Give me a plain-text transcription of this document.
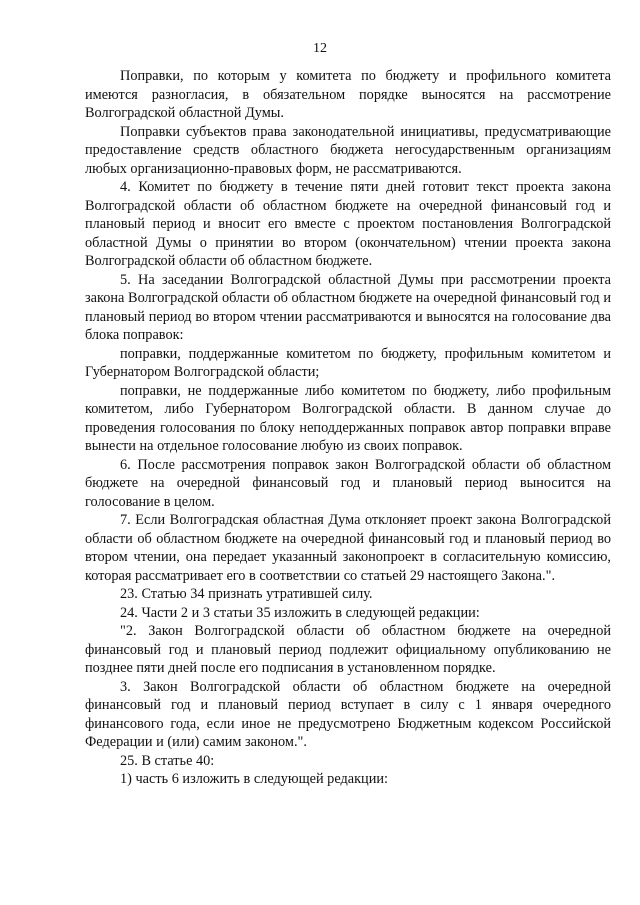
12

Поправки, по которым у комитета по бюджету и профильного комитета имеются разногласия, в обязательном порядке выносятся на рассмотрение Волгоградской областной Думы.

Поправки субъектов права законодательной инициативы, предусматривающие предоставление средств областного бюджета негосударственным организациям любых организационно-правовых форм, не рассматриваются.

4. Комитет по бюджету в течение пяти дней готовит текст проекта закона Волгоградской области об областном бюджете на очередной финансовый год и плановый период и вносит его вместе с проектом постановления Волгоградской областной Думы о принятии во втором (окончательном) чтении проекта закона Волгоградской области об областном бюджете.

5. На заседании Волгоградской областной Думы при рассмотрении проекта закона Волгоградской области об областном бюджете на очередной финансовый год и плановый период во втором чтении рассматриваются и выносятся на голосование два блока поправок:

поправки, поддержанные комитетом по бюджету, профильным комитетом и Губернатором Волгоградской области;

поправки, не поддержанные либо комитетом по бюджету, либо профильным комитетом, либо Губернатором Волгоградской области. В данном случае до проведения голосования по блоку неподдержанных поправок автор поправки вправе вынести на отдельное голосование любую из своих поправок.

6. После рассмотрения поправок закон Волгоградской области об областном бюджете на очередной финансовый год и плановый период выносится на голосование в целом.

7. Если Волгоградская областная Дума отклоняет проект закона Волгоградской области об областном бюджете на очередной финансовый год и плановый период во втором чтении, она передает указанный законопроект в согласительную комиссию, которая рассматривает его в соответствии со статьей 29 настоящего Закона.".

23. Статью 34 признать утратившей силу.

24. Части 2 и 3 статьи 35 изложить в следующей редакции:

"2. Закон Волгоградской области об областном бюджете на очередной финансовый год и плановый период подлежит официальному опубликованию не позднее пяти дней после его подписания в установленном порядке.

3. Закон Волгоградской области об областном бюджете на очередной финансовый год и плановый период вступает в силу с 1 января очередного финансового года, если иное не предусмотрено Бюджетным кодексом Российской Федерации и (или) самим законом.".

25. В статье 40:

1) часть 6 изложить в следующей редакции:
